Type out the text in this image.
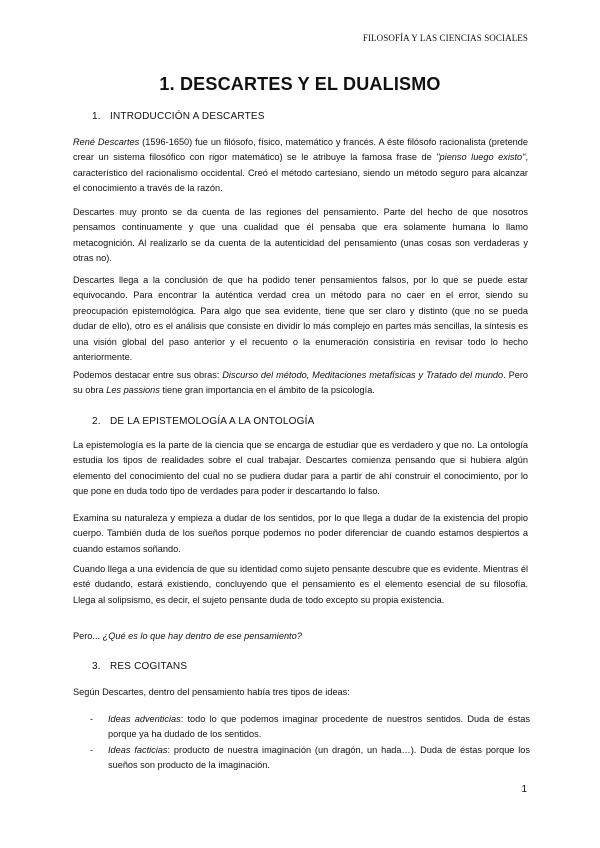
FILOSOFÍA Y LAS CIENCIAS SOCIALES
1. DESCARTES Y EL DUALISMO
1. INTRODUCCIÓN A DESCARTES

René Descartes (1596-1650) fue un filósofo, físico, matemático y francés. A éste filósofo racionalista (pretende crear un sistema filosófico con rigor matemático) se le atribuye la famosa frase de "pienso luego existo", característico del racionalismo occidental. Creó el método cartesiano, siendo un método seguro para alcanzar el conocimiento a través de la razón.

Descartes muy pronto se da cuenta de las regiones del pensamiento. Parte del hecho de que nosotros pensamos continuamente y que una cualidad que él pensaba que era solamente humana lo llamo metacognición. Al realizarlo se da cuenta de la autenticidad del pensamiento (unas cosas son verdaderas y otras no).
Descartes llega a la conclusión de que ha podido tener pensamientos falsos, por lo que se puede estar equivocando. Para encontrar la auténtica verdad crea un método para no caer en el error, siendo su preocupación epistemológica. Para algo que sea evidente, tiene que ser claro y distinto (que no se pueda dudar de ello), otro es el análisis que consiste en dividir lo más complejo en partes más sencillas, la síntesis es una visión global del paso anterior y el recuento o la enumeración consistiría en revisar todo lo hecho anteriormente.

Podemos destacar entre sus obras: Discurso del método, Meditaciones metafísicas y Tratado del mundo. Pero su obra Les passions tiene gran importancia en el ámbito de la psicología.

2. DE LA EPISTEMOLOGÍA A LA ONTOLOGÍA
La epistemología es la parte de la ciencia que se encarga de estudiar que es verdadero y que no. La ontología estudia los tipos de realidades sobre el cual trabajar. Descartes comienza pensando que si hubiera algún elemento del conocimiento del cual no se pudiera dudar para a partir de ahí construir el conocimiento, por lo que pone en duda todo tipo de verdades para poder ir descartando lo falso.
Examina su naturaleza y empieza a dudar de los sentidos, por lo que llega a dudar de la existencia del propio cuerpo. También duda de los sueños porque podemos no poder diferenciar de cuando estamos despiertos a cuando estamos soñando.
Cuando llega a una evidencia de que su identidad como sujeto pensante descubre que es evidente. Mientras él esté dudando, estará existiendo, concluyendo que el pensamiento es el elemento esencial de su filosofía. Llega al solipsismo, es decir, el sujeto pensante duda de todo excepto su propia existencia.

Pero... ¿Qué es lo que hay dentro de ese pensamiento?

3. RES COGITANS
Según Descartes, dentro del pensamiento había tres tipos de ideas:
- Ideas adventicias: todo lo que podemos imaginar procedente de nuestros sentidos. Duda de éstas porque ya ha dudado de los sentidos.
- Ideas facticias: producto de nuestra imaginación (un dragón, un hada…). Duda de éstas porque los sueños son producto de la imaginación.
1
